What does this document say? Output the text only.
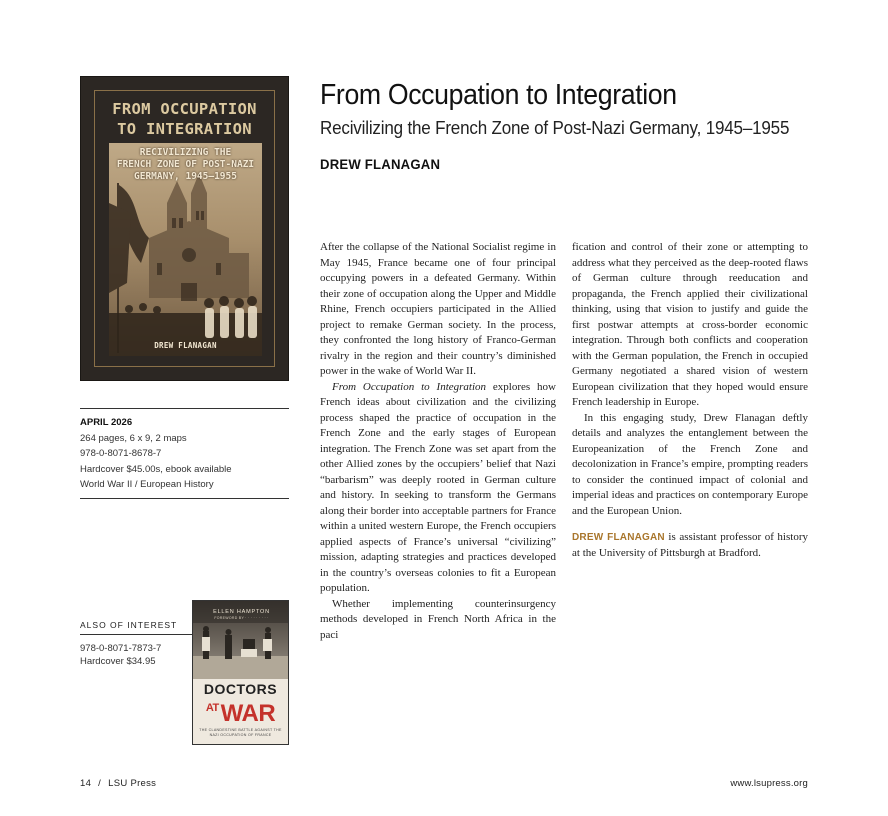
FROM OCCUPATION
TO INTEGRATION
RECIVILIZING THE
FRENCH ZONE OF POST-NAZI
GERMANY, 1945–1955
DREW FLANAGAN
From Occupation to Integration
Recivilizing the French Zone of Post-Nazi Germany, 1945–1955
DREW FLANAGAN

After the collapse of the National Socialist regime in May 1945, France became one of four principal occupying powers in a defeated Germany. Within their zone of occupation along the Upper and Middle Rhine, French occupiers participated in the Allied project to remake German society. In the process, they confronted the long history of Franco-German rivalry in the region and their country’s diminished power in the wake of World War II.

From Occupation to Integration explores how French ideas about civilization and the civilizing process shaped the practice of occupation in the French Zone and the early stages of European integration. The French Zone was set apart from the other Allied zones by the occupiers’ belief that Nazi “barbarism” was deeply rooted in German culture and history. In seeking to transform the Germans along their border into acceptable partners for France within a united western Europe, the French occupiers applied aspects of France’s universal “civilizing” mission, adapting strategies and practices developed in the country’s overseas colonies to fit a European population.

Whether implementing counterinsurgency methods developed in French North Africa in the paci

fication and control of their zone or attempting to address what they perceived as the deep-rooted flaws of German culture through reeducation and propaganda, the French applied their civilizational thinking, using that vision to justify and guide the first postwar attempts at cross-border economic integration. Through both conflicts and cooperation with the German population, the French in occupied Germany negotiated a shared vision of western European civilization that they hoped would ensure French leadership in Europe.

In this engaging study, Drew Flanagan deftly details and analyzes the entanglement between the Europeanization of the French Zone and decolonization in France’s empire, prompting readers to consider the continued impact of colonial and imperial ideas and practices on contemporary Europe and the European Union.

DREW FLANAGAN is assistant professor of history at the University of Pittsburgh at Bradford.

APRIL 2026
264 pages, 6 x 9, 2 maps
978-0-8071-8678-7
Hardcover $45.00s, ebook available
World War II / European History
ALSO OF INTEREST
978-0-8071-7873-7
Hardcover $34.95
ELLEN HAMPTON
FOREWORD BY · · · · · · · · ·
DOCTORS
$^{AT}$WAR
THE CLANDESTINE BATTLE AGAINST THE
NAZI OCCUPATION OF FRANCE
14 / LSU Press	www.lsupress.org
